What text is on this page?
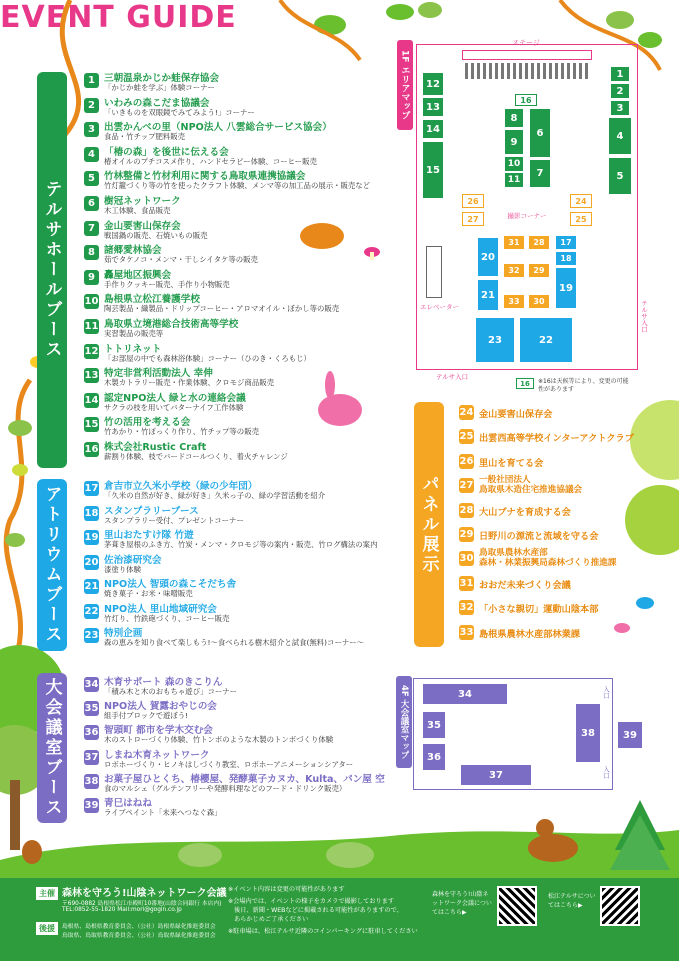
EVENT GUIDE
テルサホールブース
アトリウムブース
大会議室ブース
パネル展示
1 三朝温泉かじか蛙保存協会
「かじか蛙を学ぶ」体験コーナー
2 いわみの森こだま協議会
「いきものを双眼鏡でみてみよう!」コーナー
3 出雲かんべの里（NPO法人 八雲総合サービス協会）
食品・竹チップ肥料販売
4 「椿の森」を後世に伝える会
椿オイルのプチコスメ作り、ハンドセラピー体験、コーヒー販売
5 竹林整備と竹材利用に関する鳥取県連携協議会
竹灯籠づくり等の竹を使ったクラフト体験、メンマ等の加工品の展示・販売など
6 樹冠ネットワーク
木工体験、食品販売
7 金山要害山保存会
戦国鍋の販売、石焼いもの販売
8 諸郷愛林協会
茹でタケノコ・メンマ・干しシイタケ等の販売
9 轟屋地区振興会
手作りクッキー販売、手作り小物販売
10 島根県立松江養護学校
陶芸製品・織製品・ドリップコーヒー・アロマオイル・ぼかし等の販売
11 鳥取県立境港総合技術高等学校
実習製品の販売等
12 トトリネット
「お部屋の中でも森林浴体験」コーナー（ひのき・くろもじ）
13 特定非営利活動法人 幸伸
木製カトラリー販売・作業体験、クロモジ商品販売
14 認定NPO法人 緑と水の連絡会議
サクラの枝を用いてバターナイフ工作体験
15 竹の活用を考える会
竹あかり・竹ぽっくり作り、竹チップ等の販売
16 株式会社Rustic Craft
薪割り体験、枝でバードコールつくり、着火チャレンジ
17 倉吉市立久米小学校（緑の少年団）
「久米の自然が好き、緑が好き」久米っ子の、緑の学習活動を紹介
18 スタンプラリーブース
スタンプラリー受付、プレゼントコーナー
19 里山おたすけ隊 竹遊
茅葺き屋根のふき方、竹炭・メンマ・クロモジ等の案内・販売、竹ログ構法の案内
20 佐治漆研究会
漆塗り体験
21 NPO法人 智頭の森こそだち舎
焼き菓子・お米・味噌販売
22 NPO法人 里山地域研究会
竹灯り、竹鉄砲づくり、コーヒー販売
23 特別企画
森の恵みを知り食べて楽しもう!〜食べられる樹木紹介と試食(無料)コーナー〜
34 木育サポート 森のきこりん
「積み木と木のおもちゃ遊び」コーナー
35 NPO法人 賀露おやじの会
組手付ブロックで遊ぼう!
36 智頭町 都市を学木交む会
木のストローづくり体験、竹トンボのような木製のトンボづくり体験
37 しまね木育ネットワーク
ロボホーづくり・ヒノキはしづくり教室、ロボホーアニメーションシアター
38 お菓子屋ひとくち、椿櫻屋、発酵菓子カヌカ、Kulta、パン屋 空
食のマルシェ（グルテンフリーや発酵料理などのフード・ドリンク販売）
39 青巳はねね
ライブペイント「未来へつなぐ森」
24 金山要害山保存会
25 出雲西高等学校インターアクトクラブ
26 里山を育てる会
27 一般社団法人
鳥取県木造住宅推進協議会
28 大山ブナを育成する会
29 日野川の源流と流域を守る会
30 鳥取県農林水産部
森林・林業振興局森林づくり推進課
31 おおだ未来づくり会議
32 「小さな親切」運動山陰本部
33 島根県農林水産部林業課
1F エリアマップ
ステージ
12
13
14
15
16
8
9
10
11
6
7
1
2
3
4
5
26
27
24
25
撮影コーナー
31	28
32	29
33	30
20
21
17
18
19
23	22
エレベーター	テルサ入口
テルサ入口
16	※16は天候等により、変更の可能性があります
4F 大会議室マップ	34
35
36
37
38	39
入口
入口
主催 森林を守ろう!山陰ネットワーク会議
〒690-0882 島根県松江市殿町10番地(山陰合同銀行 本店内)
TEL:0852-55-1820 Mail:mori@gogin.co.jp
後援	島根県、島根県教育委員会、（公社）島根県緑化推進委員会
鳥取県、鳥取県教育委員会、（公社）鳥取県緑化推進委員会
※イベント内容は変更の可能性があります
※会場内では、イベントの様子をカメラで撮影しております
後日、新聞・WEBなどに掲載される可能性がありますので、
あらかじめご了承ください
※駐車場は、松江テルサ近隣のコインパーキングに駐車してください
森林を守ろう!山陰ネットワーク会議についてはこちら▶
松江テルサについてはこちら▶
